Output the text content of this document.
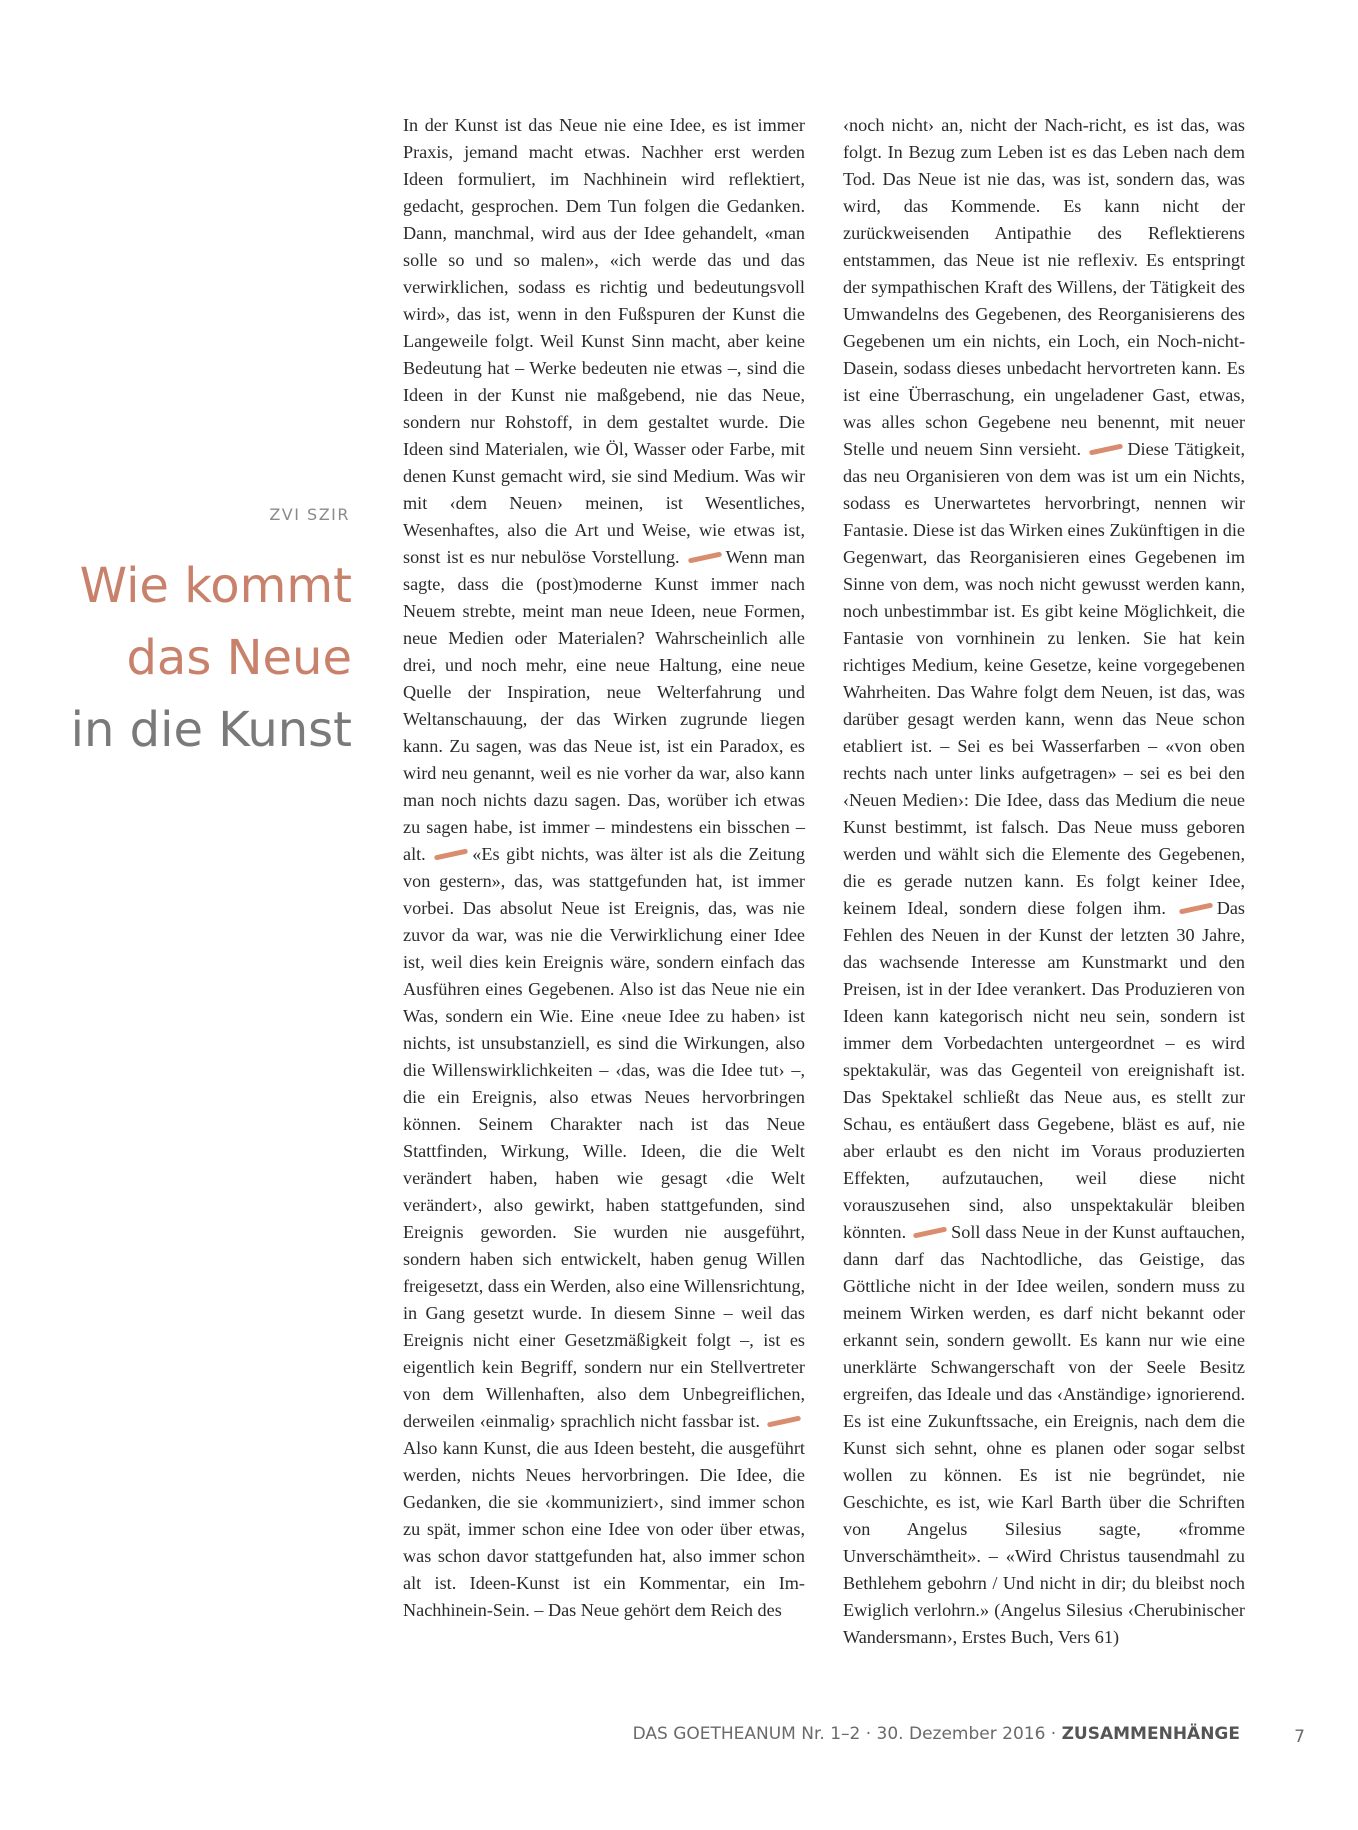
ZVI SZIR
Wie kommt
das Neue
in die Kunst

In der Kunst ist das Neue nie eine Idee, es ist immer Praxis, jemand macht etwas. Nachher erst werden Ideen formuliert, im Nachhinein wird reflektiert, gedacht, gesprochen. Dem Tun folgen die Gedanken. Dann, manchmal, wird aus der Idee gehandelt, «man solle so und so malen», «ich werde das und das verwirklichen, sodass es richtig und bedeutungsvoll wird», das ist, wenn in den Fußspuren der Kunst die Langeweile folgt. Weil Kunst Sinn macht, aber keine Bedeutung hat – Werke bedeuten nie etwas –, sind die Ideen in der Kunst nie maßgebend, nie das Neue, sondern nur Rohstoff, in dem gestaltet wurde. Die Ideen sind Materialen, wie Öl, Wasser oder Farbe, mit denen Kunst gemacht wird, sie sind Medium. Was wir mit ‹dem Neuen› meinen, ist Wesentliches, Wesenhaftes, also die Art und Weise, wie etwas ist, sonst ist es nur nebulöse Vorstellung.	Wenn man sagte, dass die (post)moderne Kunst immer nach Neuem strebte, meint man neue Ideen, neue Formen, neue Medien oder Materialen? Wahrscheinlich alle drei, und noch mehr, eine neue Haltung, eine neue Quelle der Inspiration, neue Welterfahrung und Weltanschauung, der das Wirken zugrunde liegen kann. Zu sagen, was das Neue ist, ist ein Paradox, es wird neu genannt, weil es nie vorher da war, also kann man noch nichts dazu sagen. Das, worüber ich etwas zu sagen habe, ist immer – mindestens ein bisschen – alt.	«Es gibt nichts, was älter ist als die Zeitung von gestern», das, was stattgefunden hat, ist immer vorbei. Das absolut Neue ist Ereignis, das, was nie zuvor da war, was nie die Verwirklichung einer Idee ist, weil dies kein Ereignis wäre, sondern einfach das Ausführen eines Gegebenen. Also ist das Neue nie ein Was, sondern ein Wie. Eine ‹neue Idee zu haben› ist nichts, ist unsubstanziell, es sind die Wirkungen, also die Willenswirklichkeiten – ‹das, was die Idee tut› –, die ein Ereignis, also etwas Neues hervorbringen können. Seinem Charakter nach ist das Neue Stattfinden, Wirkung, Wille. Ideen, die die Welt verändert haben, haben wie gesagt ‹die Welt verändert›, also gewirkt, haben stattgefunden, sind Ereignis geworden. Sie wurden nie ausgeführt, sondern haben sich entwickelt, haben genug Willen freigesetzt, dass ein Werden, also eine Willensrichtung, in Gang gesetzt wurde. In diesem Sinne – weil das Ereignis nicht einer Gesetzmäßigkeit folgt –, ist es eigentlich kein Begriff, sondern nur ein Stellvertreter von dem Willenhaften, also dem Unbegreiflichen, derweilen ‹einmalig› sprachlich nicht fassbar ist. Also kann Kunst, die aus Ideen besteht, die ausgeführt werden, nichts Neues hervorbringen. Die Idee, die Gedanken, die sie ‹kommuniziert›, sind immer schon zu spät, immer schon eine Idee von oder über etwas, was schon davor stattgefunden hat, also immer schon alt ist. Ideen-Kunst ist ein Kommentar, ein Im-Nachhinein-Sein. – Das Neue gehört dem Reich des

‹noch nicht› an, nicht der Nach-richt, es ist das, was folgt. In Bezug zum Leben ist es das Leben nach dem Tod. Das Neue ist nie das, was ist, sondern das, was wird, das Kommende. Es kann nicht der zurückweisenden Antipathie des Reflektierens entstammen, das Neue ist nie reflexiv. Es entspringt der sympathischen Kraft des Willens, der Tätigkeit des Umwandelns des Gegebenen, des Reorganisierens des Gegebenen um ein nichts, ein Loch, ein Noch-nicht-Dasein, sodass dieses unbedacht hervortreten kann. Es ist eine Überraschung, ein ungeladener Gast, etwas, was alles schon Gegebene neu benennt, mit neuer Stelle und neuem Sinn versieht.	Diese Tätigkeit, das neu Organisieren von dem was ist um ein Nichts, sodass es Unerwartetes hervorbringt, nennen wir Fantasie. Diese ist das Wirken eines Zukünftigen in die Gegenwart, das Reorganisieren eines Gegebenen im Sinne von dem, was noch nicht gewusst werden kann, noch unbestimmbar ist. Es gibt keine Möglichkeit, die Fantasie von vornhinein zu lenken. Sie hat kein richtiges Medium, keine Gesetze, keine vorgegebenen Wahrheiten. Das Wahre folgt dem Neuen, ist das, was darüber gesagt werden kann, wenn das Neue schon etabliert ist. – Sei es bei Wasserfarben – «von oben rechts nach unter links aufgetragen» – sei es bei den ‹Neuen Medien›: Die Idee, dass das Medium die neue Kunst bestimmt, ist falsch. Das Neue muss geboren werden und wählt sich die Elemente des Gegebenen, die es gerade nutzen kann. Es folgt keiner Idee, keinem Ideal, sondern diese folgen ihm.	Das Fehlen des Neuen in der Kunst der letzten 30 Jahre, das wachsende Interesse am Kunstmarkt und den Preisen, ist in der Idee verankert. Das Produzieren von Ideen kann kategorisch nicht neu sein, sondern ist immer dem Vorbedachten untergeordnet – es wird spektakulär, was das Gegenteil von ereignishaft ist. Das Spektakel schließt das Neue aus, es stellt zur Schau, es entäußert dass Gegebene, bläst es auf, nie aber erlaubt es den nicht im Voraus produzierten Effekten, aufzutauchen, weil diese nicht vorauszusehen sind, also unspektakulär bleiben könnten. Soll dass Neue in der Kunst auftauchen, dann darf das Nachtodliche, das Geistige, das Göttliche nicht in der Idee weilen, sondern muss zu meinem Wirken werden, es darf nicht bekannt oder erkannt sein, sondern gewollt. Es kann nur wie eine unerklärte Schwangerschaft von der Seele Besitz ergreifen, das Ideale und das ‹Anständige› ignorierend. Es ist eine Zukunftssache, ein Ereignis, nach dem die Kunst sich sehnt, ohne es planen oder sogar selbst wollen zu können. Es ist nie begründet, nie Geschichte, es ist, wie Karl Barth über die Schriften von Angelus Silesius sagte, «fromme Unverschämtheit». – «Wird Christus tausendmahl zu Bethlehem gebohrn / Und nicht in dir; du bleibst noch Ewiglich verlohrn.» (Angelus Silesius ‹Cherubinischer Wandersmann›, Erstes Buch, Vers 61)

DAS GOETHEANUM Nr. 1–2 · 30. Dezember 2016 · ZUSAMMENHÄNGE	7
